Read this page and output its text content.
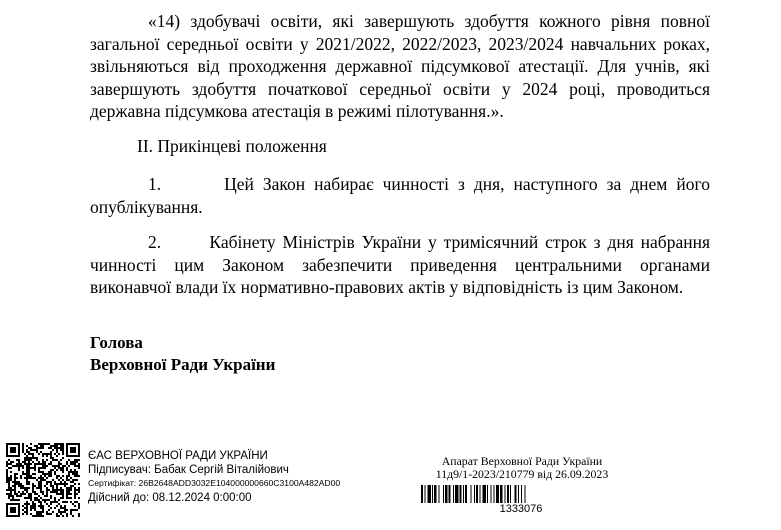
«14) здобувачі освіти, які завершують здобуття кожного рівня повної загальної середньої освіти у 2021/2022, 2022/2023, 2023/2024 навчальних роках, звільняються від проходження державної підсумкової атестації. Для учнів, які завершують здобуття початкової середньої освіти у 2024 році, проводиться державна підсумкова атестація в режимі пілотування.».
ІІ. Прикінцеві положення
1.       Цей Закон набирає чинності з дня, наступного за днем його опублікування.
2.       Кабінету Міністрів України у тримісячний строк з дня набрання чинності цим Законом забезпечити приведення центральними органами виконавчої влади їх нормативно-правових актів у відповідність із цим Законом.
Голова
Верховної Ради України
ЄАС ВЕРХОВНОЇ РАДИ УКРАЇНИ
Підписувач: Бабак Сергій Віталійович
Сертифікат: 26B2648ADD3032E104000000660C3100A482AD00
Дійсний до: 08.12.2024 0:00:00
Апарат Верховної Ради України
11д9/1-2023/210779 від 26.09.2023
1333076
